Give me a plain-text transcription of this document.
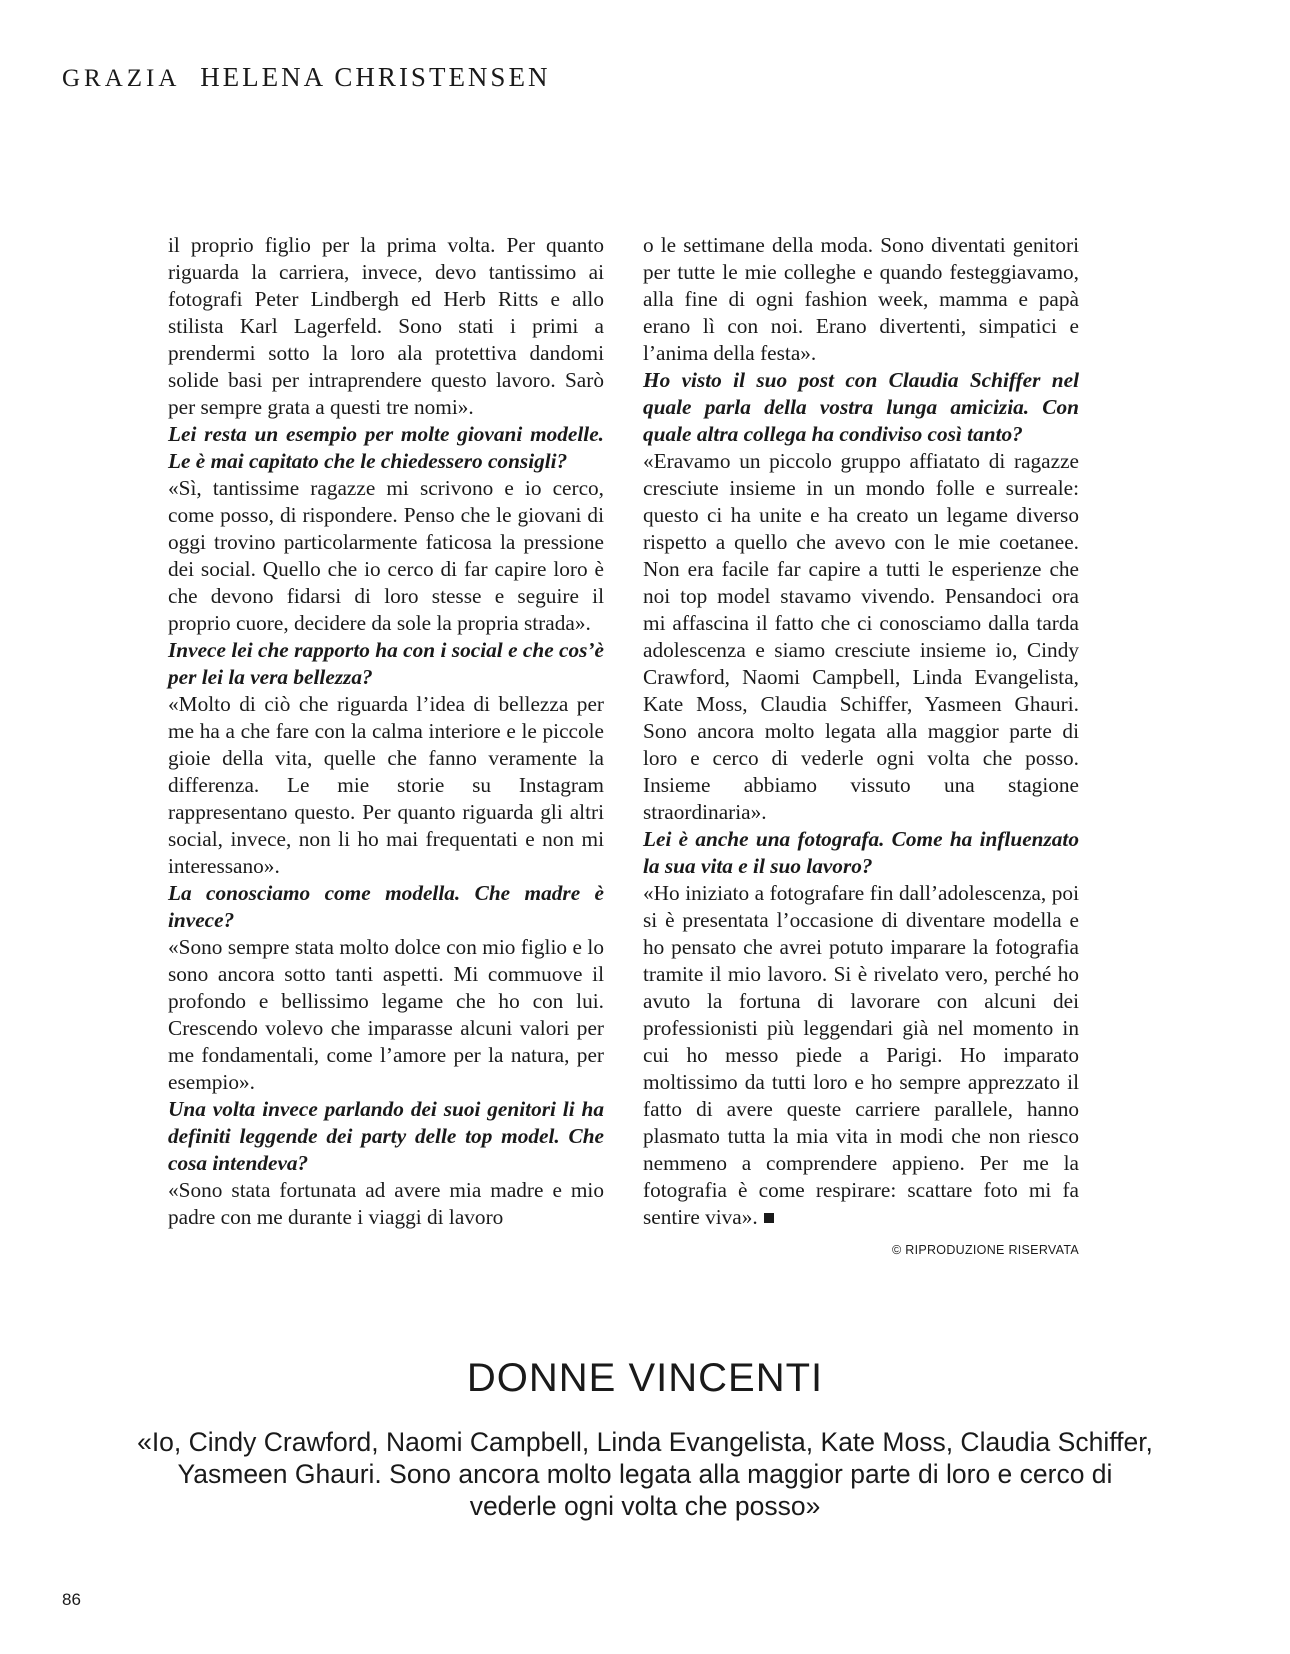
GRAZIA HELENA CHRISTENSEN

il proprio figlio per la prima volta. Per quanto riguarda la carriera, invece, devo tantissimo ai fotografi Peter Lindbergh ed Herb Ritts e allo stilista Karl Lagerfeld. Sono stati i primi a prendermi sotto la loro ala protettiva dandomi solide basi per intraprendere questo lavoro. Sarò per sempre grata a questi tre nomi».

Lei resta un esempio per molte giovani modelle. Le è mai capitato che le chiedessero consigli?

«Sì, tantissime ragazze mi scrivono e io cerco, come posso, di rispondere. Penso che le giovani di oggi trovino particolarmente faticosa la pressione dei social. Quello che io cerco di far capire loro è che devono fidarsi di loro stesse e seguire il proprio cuore, decidere da sole la propria strada».

Invece lei che rapporto ha con i social e che cos’è per lei la vera bellezza?

«Molto di ciò che riguarda l’idea di bellezza per me ha a che fare con la calma interiore e le piccole gioie della vita, quelle che fanno veramente la differenza. Le mie storie su Instagram rappresentano questo. Per quanto riguarda gli altri social, invece, non li ho mai frequentati e non mi interessano».

La conosciamo come modella. Che madre è invece?

«Sono sempre stata molto dolce con mio figlio e lo sono ancora sotto tanti aspetti. Mi commuove il profondo e bellissimo legame che ho con lui. Crescendo volevo che imparasse alcuni valori per me fondamentali, come l’amore per la natura, per esempio».

Una volta invece parlando dei suoi genitori li ha definiti leggende dei party delle top model. Che cosa intendeva?

«Sono stata fortunata ad avere mia madre e mio padre con me durante i viaggi di lavoro

o le settimane della moda. Sono diventati genitori per tutte le mie colleghe e quando festeggiavamo, alla fine di ogni fashion week, mamma e papà erano lì con noi. Erano divertenti, simpatici e l’anima della festa».

Ho visto il suo post con Claudia Schiffer nel quale parla della vostra lunga amicizia. Con quale altra collega ha condiviso così tanto?

«Eravamo un piccolo gruppo affiatato di ragazze cresciute insieme in un mondo folle e surreale: questo ci ha unite e ha creato un legame diverso rispetto a quello che avevo con le mie coetanee. Non era facile far capire a tutti le esperienze che noi top model stavamo vivendo. Pensandoci ora mi affascina il fatto che ci conosciamo dalla tarda adolescenza e siamo cresciute insieme io, Cindy Crawford, Naomi Campbell, Linda Evangelista, Kate Moss, Claudia Schiffer, Yasmeen Ghauri. Sono ancora molto legata alla maggior parte di loro e cerco di vederle ogni volta che posso. Insieme abbiamo vissuto una stagione straordinaria».

Lei è anche una fotografa. Come ha influenzato la sua vita e il suo lavoro?

«Ho iniziato a fotografare fin dall’adolescenza, poi si è presentata l’occasione di diventare modella e ho pensato che avrei potuto imparare la fotografia tramite il mio lavoro. Si è rivelato vero, perché ho avuto la fortuna di lavorare con alcuni dei professionisti più leggendari già nel momento in cui ho messo piede a Parigi. Ho imparato moltissimo da tutti loro e ho sempre apprezzato il fatto di avere queste carriere parallele, hanno plasmato tutta la mia vita in modi che non riesco nemmeno a comprendere appieno. Per me la fotografia è come respirare: scattare foto mi fa sentire viva».

© RIPRODUZIONE RISERVATA
DONNE VINCENTI
«Io, Cindy Crawford, Naomi Campbell, Linda Evangelista, Kate Moss, Claudia Schiffer, Yasmeen Ghauri. Sono ancora molto legata alla maggior parte di loro e cerco di vederle ogni volta che posso»
86
